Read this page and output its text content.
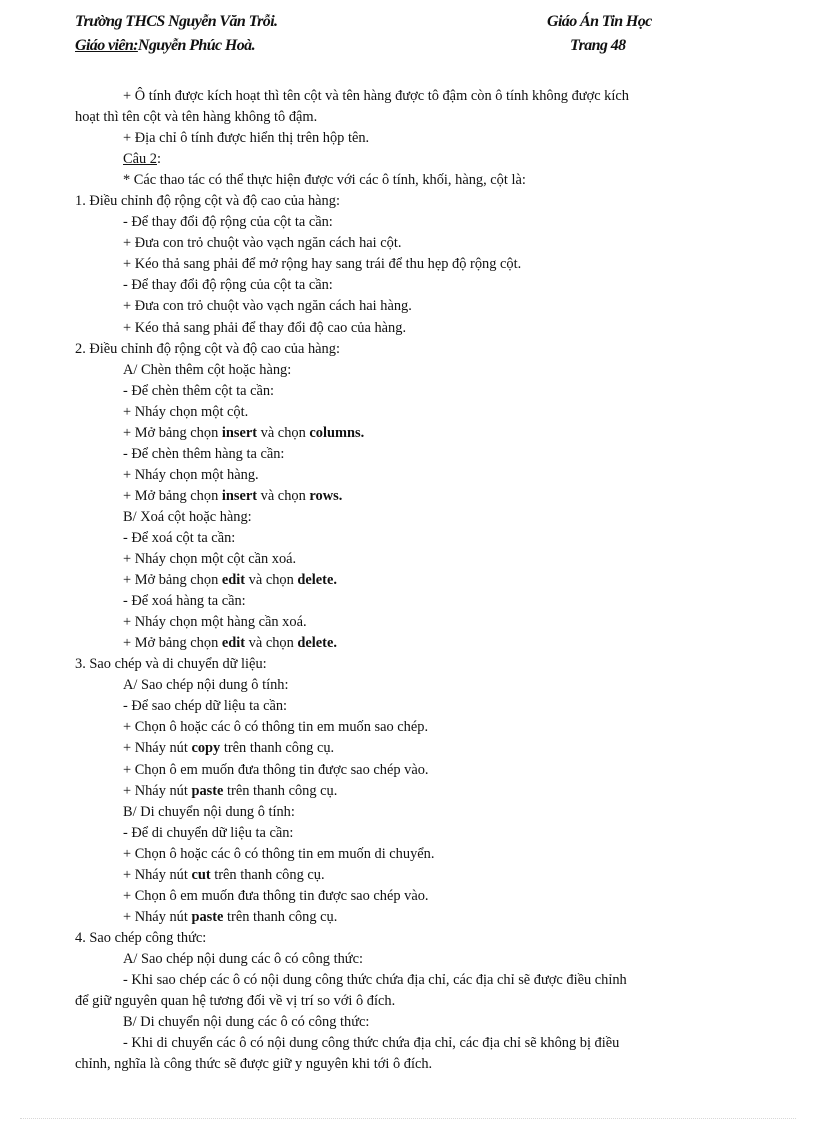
Trường THCS Nguyễn Văn Trỗi.	Giáo Án Tin Học
Giáo viên:Nguyễn Phúc Hoà.	Trang 48
+ Ô tính được kích hoạt thì tên cột và tên hàng được tô đậm còn ô tính không được kích
hoạt thì tên cột và tên hàng không tô đậm.
+ Địa chỉ ô tính được hiển thị trên hộp tên.
Câu 2:
* Các thao tác có thể thực hiện được với các ô tính, khối, hàng, cột là:
1. Điều chỉnh độ rộng cột và độ cao của hàng:
- Để thay đổi độ rộng của cột ta cần:
+ Đưa con trỏ chuột vào vạch ngăn cách hai cột.
+ Kéo thả sang phải để mở rộng hay sang trái để thu hẹp độ rộng cột.
- Để thay đổi độ rộng của cột ta cần:
+ Đưa con trỏ chuột vào vạch ngăn cách hai hàng.
+ Kéo thả sang phải để thay đổi độ cao của hàng.
2. Điều chỉnh độ rộng cột và độ cao của hàng:
A/ Chèn thêm cột hoặc hàng:
- Để chèn thêm cột ta cần:
+ Nháy chọn một cột.
+ Mở bảng chọn insert và chọn columns.
- Để chèn thêm hàng ta cần:
+ Nháy chọn một hàng.
+ Mở bảng chọn insert và chọn rows.
B/ Xoá cột hoặc hàng:
- Để xoá cột ta cần:
+ Nháy chọn một cột cần xoá.
+ Mở bảng chọn edit và chọn delete.
- Để xoá hàng ta cần:
+ Nháy chọn một hàng cần xoá.
+ Mở bảng chọn edit và chọn delete.
3. Sao chép và di chuyển dữ liệu:
A/ Sao chép nội dung ô tính:
- Để sao chép dữ liệu ta cần:
+ Chọn ô hoặc các ô có thông tin em muốn sao chép.
+ Nháy nút copy trên thanh công cụ.
+ Chọn ô em muốn đưa thông tin được sao chép vào.
+ Nháy nút paste trên thanh công cụ.
B/ Di chuyển nội dung ô tính:
- Để di chuyển dữ liệu ta cần:
+ Chọn ô hoặc các ô có thông tin em muốn di chuyển.
+ Nháy nút cut trên thanh công cụ.
+ Chọn ô em muốn đưa thông tin được sao chép vào.
+ Nháy nút paste trên thanh công cụ.
4. Sao chép công thức:
A/ Sao chép nội dung các ô có công thức:
- Khi sao chép các ô có nội dung công thức chứa địa chỉ, các địa chỉ sẽ được điều chỉnh
để giữ nguyên quan hệ tương đối về vị trí so với ô đích.
B/ Di chuyển nội dung các ô có công thức:
- Khi di chuyển các ô có nội dung công thức chứa địa chỉ, các địa chỉ sẽ không bị điều
chỉnh, nghĩa là công thức sẽ được giữ y nguyên khi tới ô đích.
